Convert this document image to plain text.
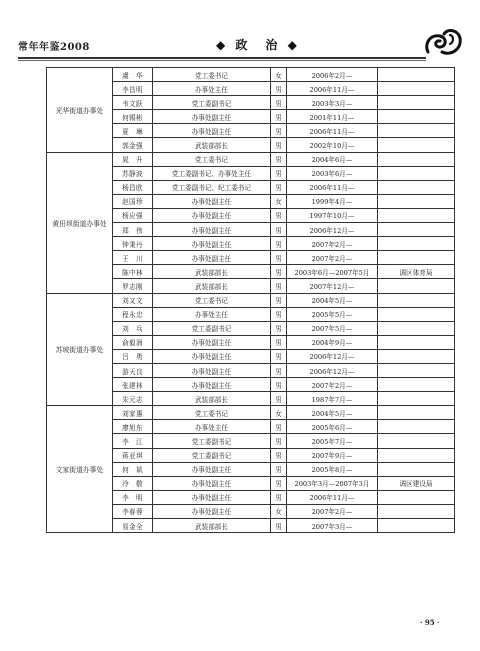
常年年鉴2008	◆ 政　治 ◆
光华街道办事处	虞　华	党工委书记	女	2006年2月—	
	李昌明	办事处主任	男	2006年11月—	
	韦文跃	党工委副书记	男	2003年3月—	
	何锡彬	办事处副主任	男	2001年11月—	
	夏　琳	办事处副主任	男	2006年11月—	
	郭金强	武装部部长	男	2002年10月—	
黄田坝街道办事处	晁　升	党工委书记	男	2004年6月—	
	苏静波	党工委副书记、办事处主任	男	2003年6月—	
	杨昌欧	党工委副书记、纪工委书记	男	2006年11月—	
	赵国珍	办事处副主任	女	1999年4月—	
	杨应强	办事处副主任	男	1997年10月—	
	郑　伟	办事处副主任	男	2006年12月—	
	钟秉丹	办事处副主任	男	2007年2月—	
	王　川	办事处副主任	男	2007年2月—	
	陈中林	武装部部长	男	2003年6月—2007年5月	调区体育局
	罗志刚	武装部部长	男	2007年12月—	
苏坡街道办事处	刘又文	党工委书记	男	2004年5月—	
	程永忠	办事处主任	男	2005年5月—	
	刘　兵	党工委副书记	男	2007年5月—	
	俞毅润	办事处副主任	男	2004年9月—	
	吕　勇	办事处副主任	男	2006年12月—	
	游天良	办事处副主任	男	2006年12月—	
	张建林	办事处副主任	男	2007年2月—	
	朱元志	武装部部长	男	1987年7月—	
文家街道办事处	刘家惠	党工委书记	女	2004年5月—	
	廖旭东	办事处主任	男	2005年6月—	
	李　江	党工委副书记	男	2005年7月—	
	蒋亚琪	党工委副书记	男	2007年9月—	
	何　斌	办事处副主任	男	2005年8月—	
	冷　敬	办事处副主任	男	2003年3月—2007年3月	调区建设局
	李　明	办事处副主任	男	2006年11月—	
	李春蓉	办事处副主任	女	2007年2月—	
	易金全	武装部部长	男	2007年3月—	
· 95 ·
